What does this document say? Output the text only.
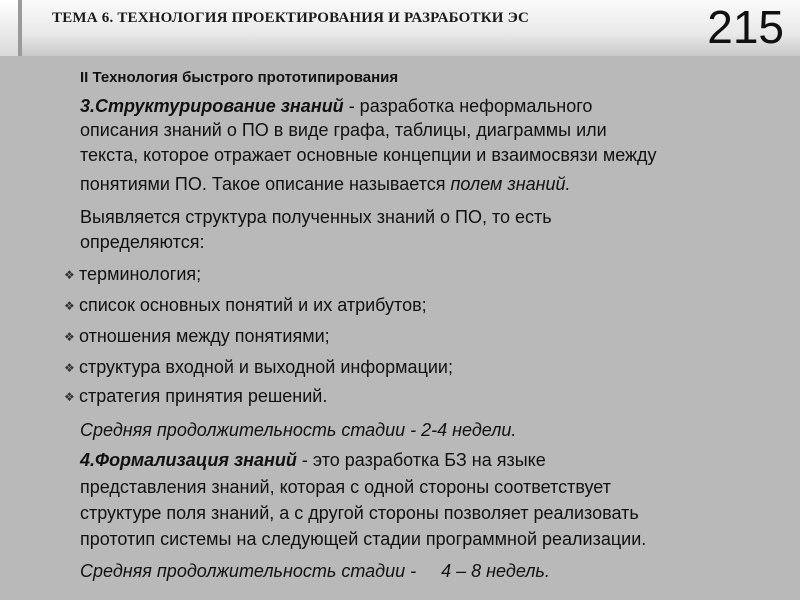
ТЕМА 6. ТЕХНОЛОГИЯ ПРОЕКТИРОВАНИЯ И РАЗРАБОТКИ ЭС	215
II Технология быстрого прототипирования
3.Структурирование знаний - разработка неформального
описания знаний о ПО в виде графа, таблицы, диаграммы или
текста, которое отражает основные концепции и взаимосвязи между
понятиями ПО. Такое описание называется полем знаний.
Выявляется структура полученных знаний о ПО, то есть
определяются:
❖ терминология;
❖ список основных понятий и их атрибутов;
❖ отношения между понятиями;
❖ структура входной и выходной информации;
❖ стратегия принятия решений.
Средняя продолжительность стадии - 2-4 недели.
4.Формализация знаний - это разработка БЗ на языке
представления знаний, которая с одной стороны соответствует
структуре поля знаний, а с другой стороны позволяет реализовать
прототип системы на следующей стадии программной реализации.
Средняя продолжительность стадии -     4 – 8 недель.
